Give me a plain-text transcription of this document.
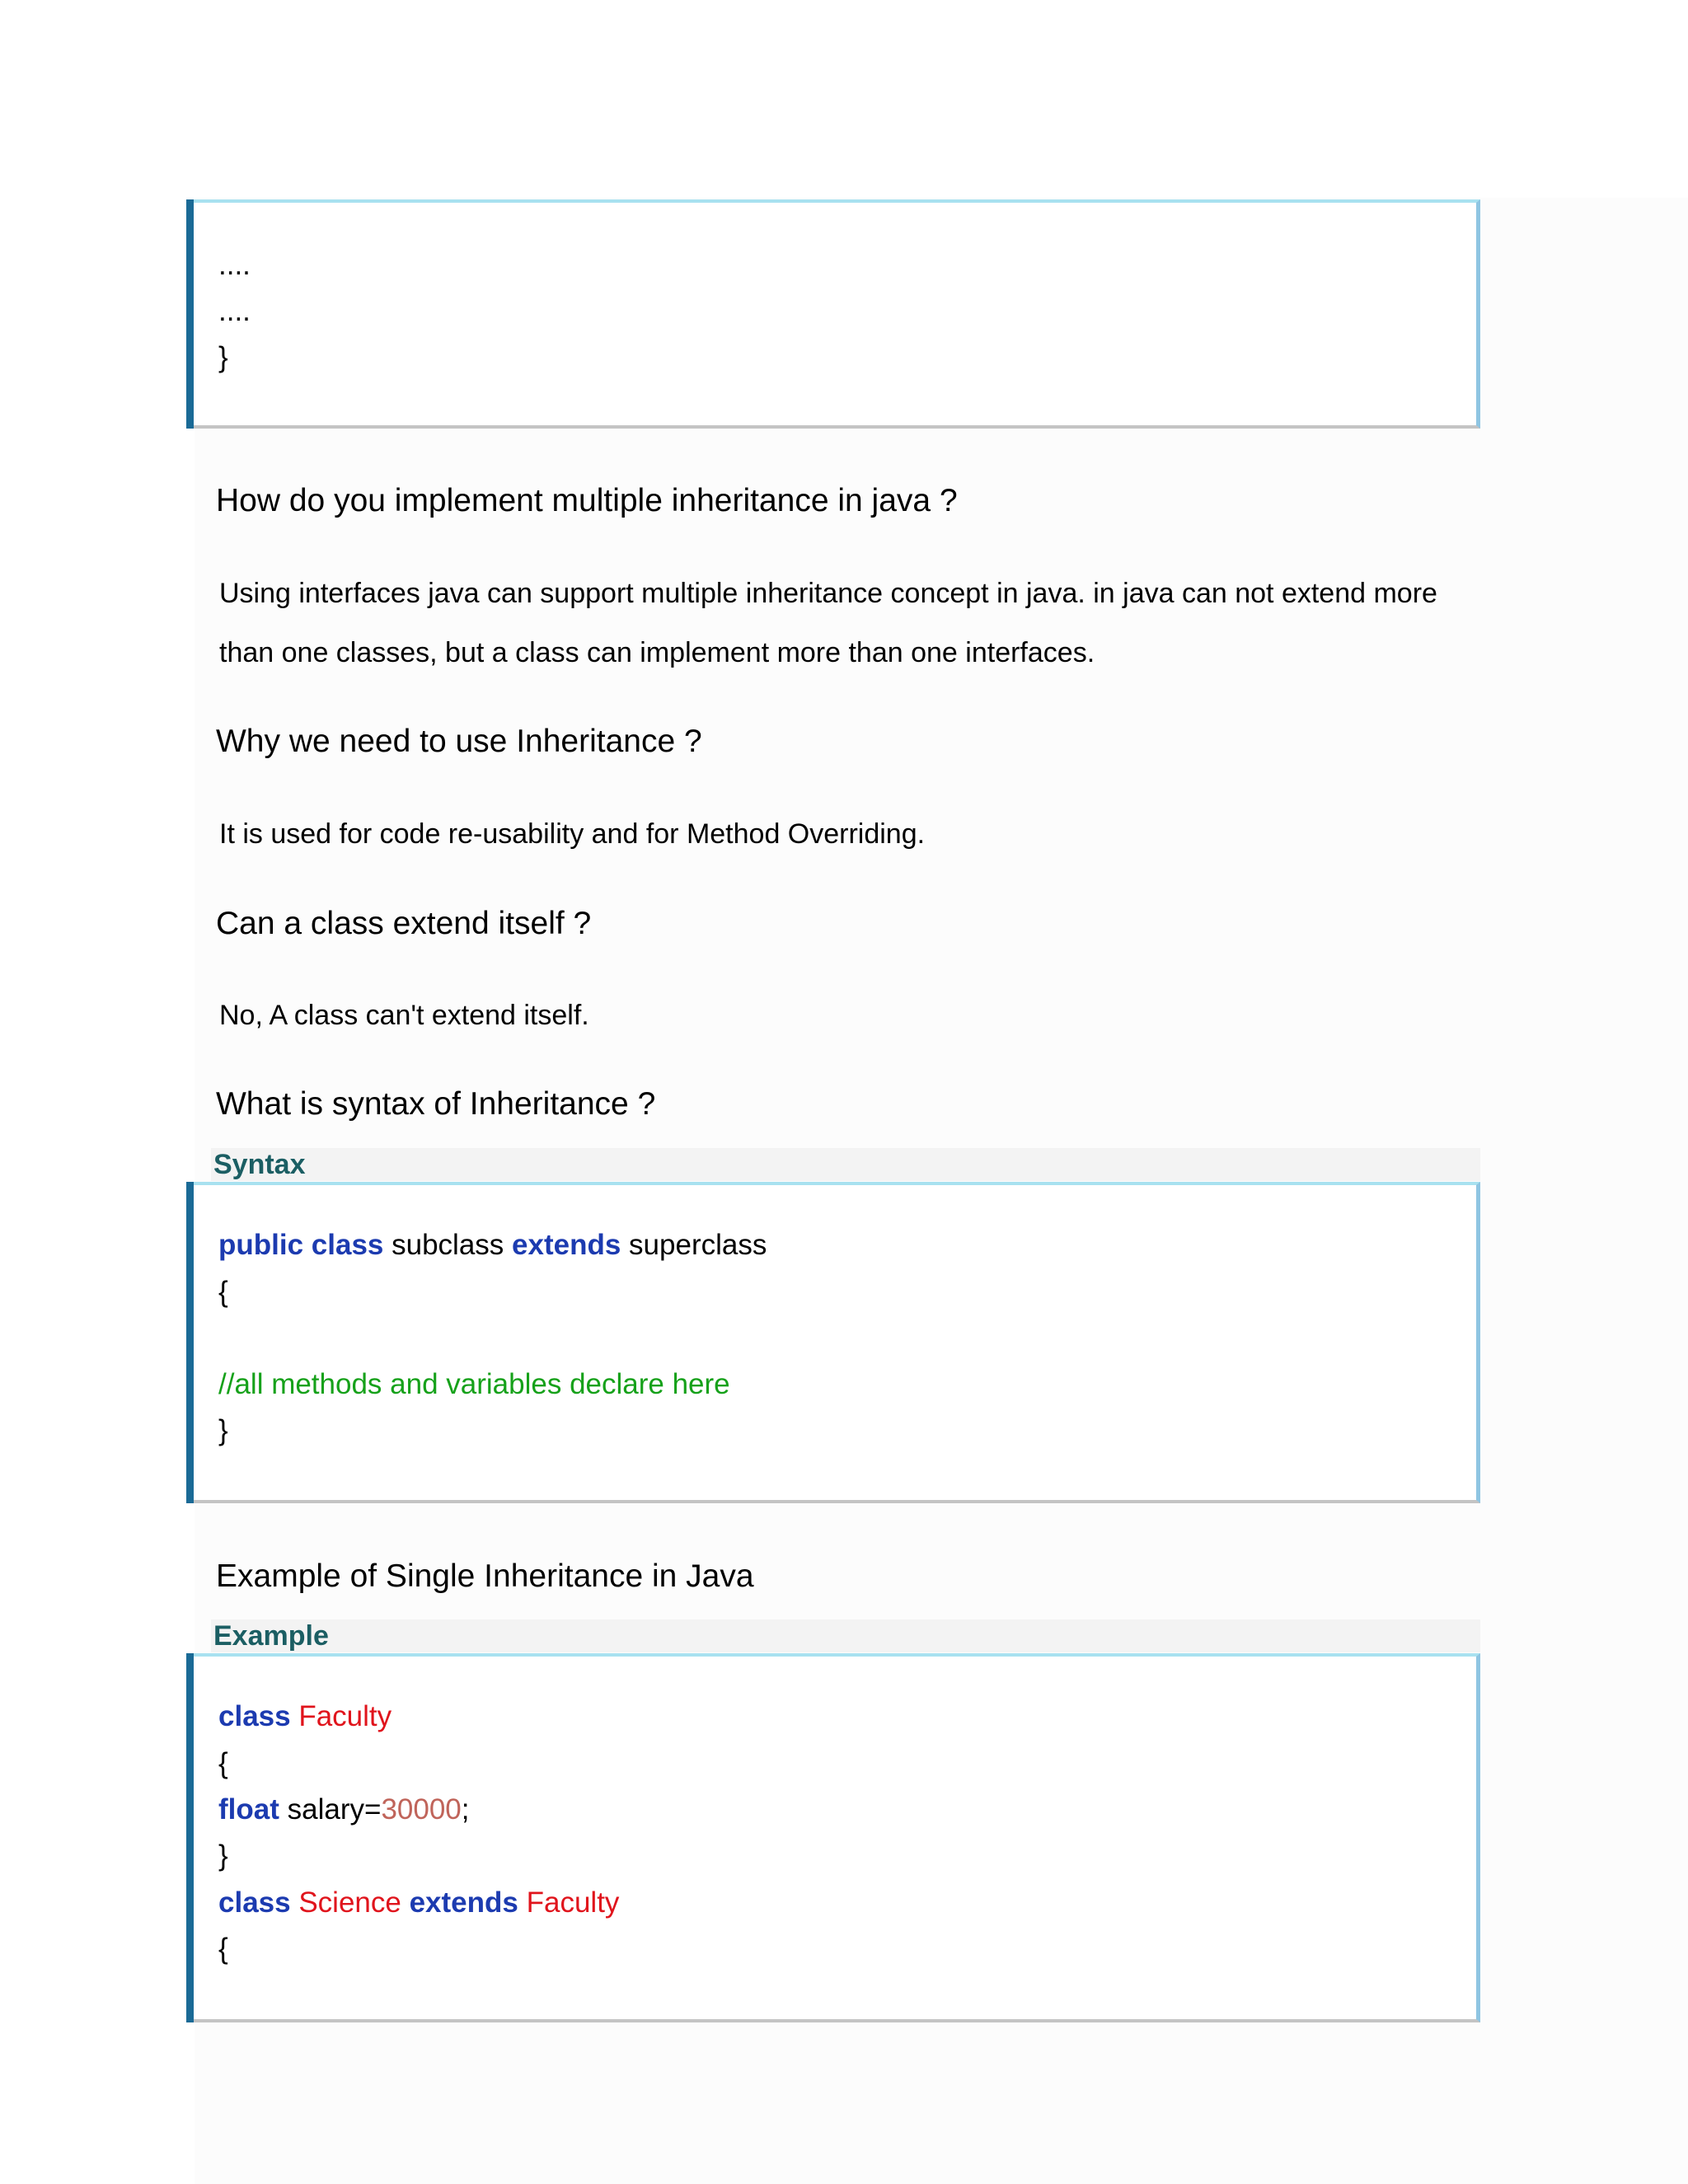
....
....
}
How do you implement multiple inheritance in java ?
Using interfaces java can support multiple inheritance concept in java. in java can not extend more
than one classes, but a class can implement more than one interfaces.
Why we need to use Inheritance ?
It is used for code re-usability and for Method Overriding.
Can a class extend itself ?
No, A class can't extend itself.
What is syntax of Inheritance ?
Syntax
public class subclass extends superclass
{
//all methods and variables declare here
}
Example of Single Inheritance in Java
Example
class Faculty
{
float salary=30000;
}
class Science extends Faculty
{
